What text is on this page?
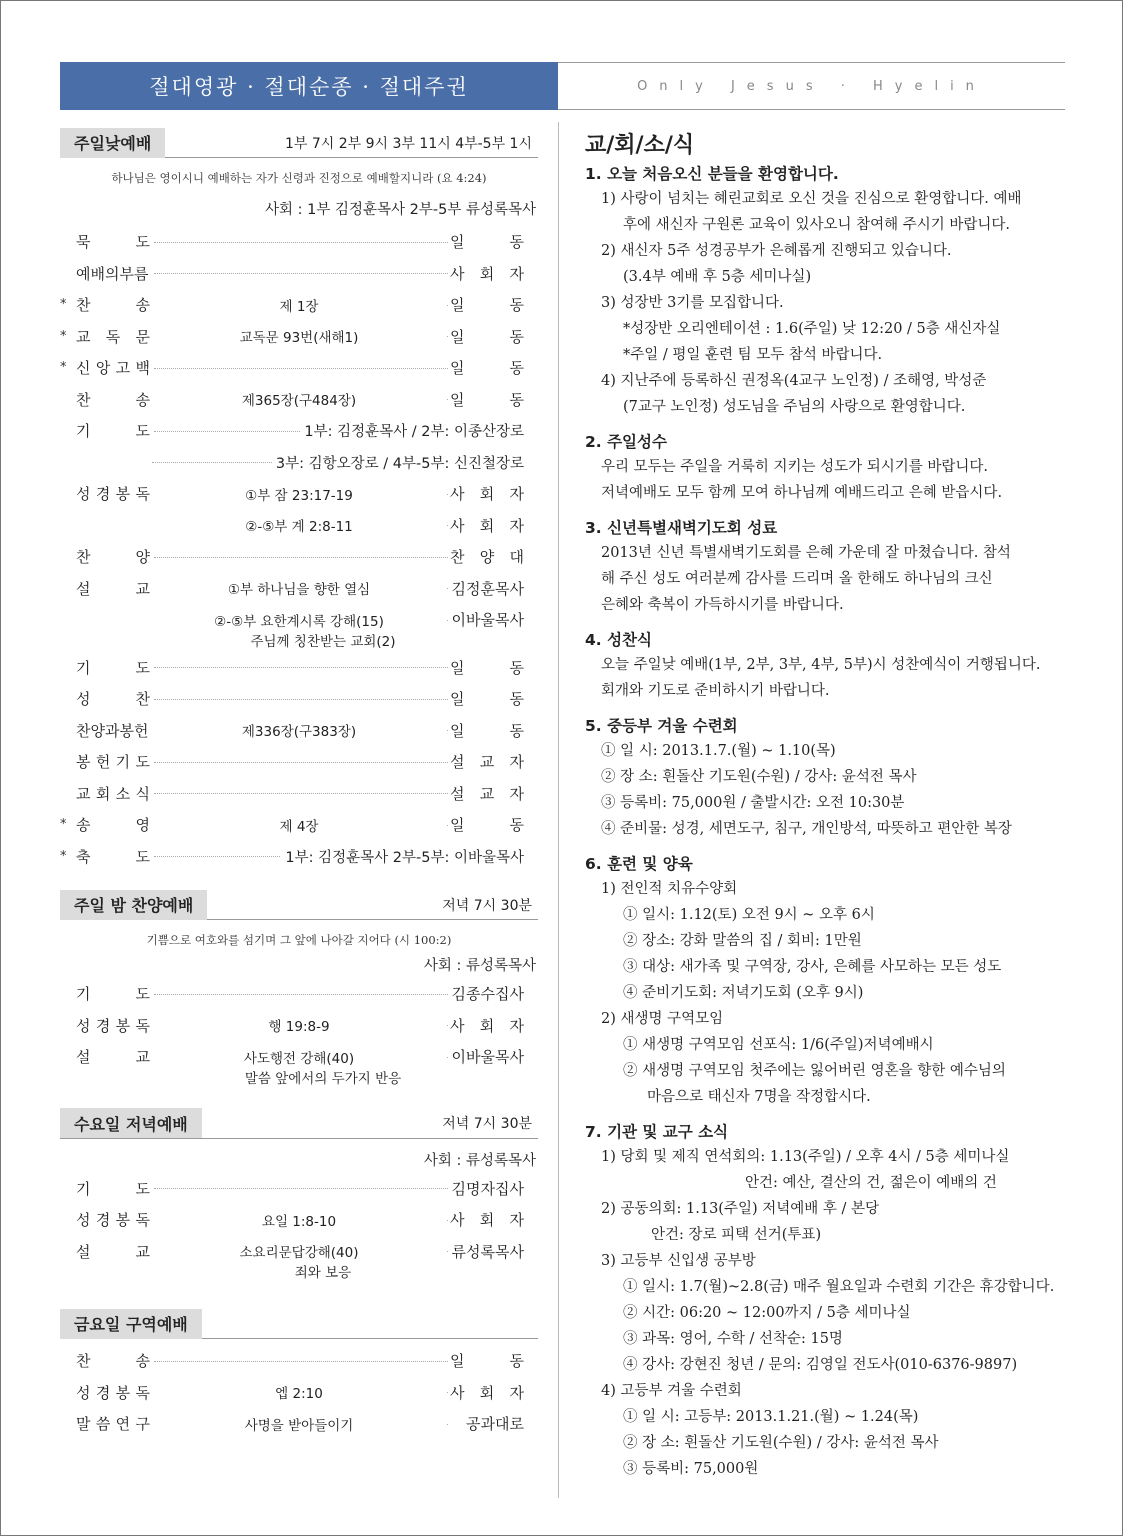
절대영광 · 절대순종 · 절대주권	Only Jesus · Hyelin
주일낮예배	1부 7시 2부 9시 3부 11시 4부-5부 1시
하나님은 영이시니 예배하는 자가 신령과 진정으로 예배할지니라 (요 4:24)
사회 : 1부 김정훈목사 2부-5부 류성록목사
묵	도	일	동
예배의부름	사 회 자
* 찬	송	제 1장	일	동
* 교 독 문	교독문 93번(새해1)	일	동
* 신 앙 고 백	일	동
찬	송	제365장(구484장)	일	동
기	도	1부: 김정훈목사 / 2부: 이종산장로
3부: 김항오장로 / 4부-5부: 신진철장로
성 경 봉 독	①부 잠 23:17-19	사 회 자
②-⑤부 계 2:8-11	사 회 자
찬	양	찬 양 대
설	교	①부 하나님을 향한 열심	김정훈목사
②-⑤부 요한계시록 강해(15)	이바울목사
주님께 칭찬받는 교회(2)
기	도	일	동
성	찬	일	동
찬양과봉헌	제336장(구383장)	일	동
봉 헌 기 도	설 교 자
교 회 소 식	설 교 자
* 송	영	제 4장	일	동
* 축	도	1부: 김정훈목사 2부-5부: 이바울목사
주일 밤 찬양예배	저녁 7시 30분
기쁨으로 여호와를 섬기며 그 앞에 나아갈 지어다 (시 100:2)
사회 : 류성록목사
기	도	김종수집사
성 경 봉 독	행 19:8-9	사 회 자
설	교	사도행전 강해(40)	이바울목사
말씀 앞에서의 두가지 반응
수요일 저녁예배	저녁 7시 30분
사회 : 류성록목사
기	도	김명자집사
성 경 봉 독	요일 1:8-10	사 회 자
설	교	소요리문답강해(40)	류성록목사
죄와 보응
금요일 구역예배
찬	송	일	동
성 경 봉 독	엡 2:10	사 회 자
말 씀 연 구	사명을 받아들이기	공과대로
교/회/소/식
1. 오늘 처음오신 분들을 환영합니다.
1) 사랑이 넘치는 혜린교회로 오신 것을 진심으로 환영합니다. 예배
후에 새신자 구원론 교육이 있사오니 참여해 주시기 바랍니다.
2) 새신자 5주 성경공부가 은혜롭게 진행되고 있습니다.
(3.4부 예배 후 5층 세미나실)
3) 성장반 3기를 모집합니다.
*성장반 오리엔테이션 : 1.6(주일) 낮 12:20 / 5층 새신자실
*주일 / 평일 훈련 팀 모두 참석 바랍니다.
4) 지난주에 등록하신 권정옥(4교구 노인정) / 조해영, 박성준
(7교구 노인정) 성도님을 주님의 사랑으로 환영합니다.
2. 주일성수
우리 모두는 주일을 거룩히 지키는 성도가 되시기를 바랍니다.
저녁예배도 모두 함께 모여 하나님께 예배드리고 은혜 받읍시다.
3. 신년특별새벽기도회 성료
2013년 신년 특별새벽기도회를 은혜 가운데 잘 마쳤습니다. 참석
해 주신 성도 여러분께 감사를 드리며 올 한해도 하나님의 크신
은혜와 축복이 가득하시기를 바랍니다.
4. 성찬식
오늘 주일낮 예배(1부, 2부, 3부, 4부, 5부)시 성찬예식이 거행됩니다.
회개와 기도로 준비하시기 바랍니다.
5. 중등부 겨울 수련회
① 일 시: 2013.1.7.(월) ~ 1.10(목)
② 장 소: 흰돌산 기도원(수원) / 강사: 윤석전 목사
③ 등록비: 75,000원 / 출발시간: 오전 10:30분
④ 준비물: 성경, 세면도구, 침구, 개인방석, 따뜻하고 편안한 복장
6. 훈련 및 양육
1) 전인적 치유수양회
① 일시: 1.12(토) 오전 9시 ~ 오후 6시
② 장소: 강화 말씀의 집 / 회비: 1만원
③ 대상: 새가족 및 구역장, 강사, 은혜를 사모하는 모든 성도
④ 준비기도회: 저녁기도회 (오후 9시)
2) 새생명 구역모임
① 새생명 구역모임 선포식: 1/6(주일)저녁예배시
② 새생명 구역모임 첫주에는 잃어버린 영혼을 향한 예수님의
마음으로 태신자 7명을 작정합시다.
7. 기관 및 교구 소식
1) 당회 및 제직 연석회의: 1.13(주일) / 오후 4시 / 5층 세미나실
안건: 예산, 결산의 건, 젊은이 예배의 건
2) 공동의회: 1.13(주일) 저녁예배 후 / 본당
안건: 장로 피택 선거(투표)
3) 고등부 신입생 공부방
① 일시: 1.7(월)~2.8(금) 매주 월요일과 수련회 기간은 휴강합니다.
② 시간: 06:20 ~ 12:00까지 / 5층 세미나실
③ 과목: 영어, 수학 / 선착순: 15명
④ 강사: 강현진 청년 / 문의: 김영일 전도사(010-6376-9897)
4) 고등부 겨울 수련회
① 일 시: 고등부: 2013.1.21.(월) ~ 1.24(목)
② 장 소: 흰돌산 기도원(수원) / 강사: 윤석전 목사
③ 등록비: 75,000원
